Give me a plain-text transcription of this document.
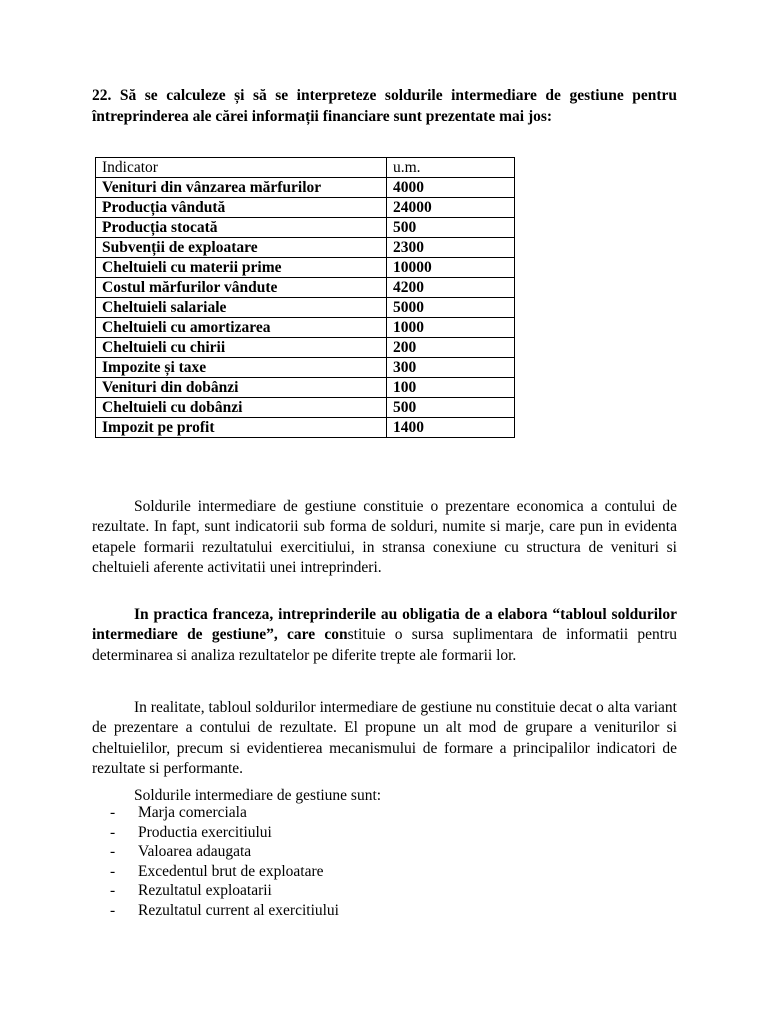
22. Să se calculeze și să se interpreteze soldurile intermediare de gestiune pentru întreprinderea ale cărei informații financiare sunt prezentate mai jos:
Indicator	u.m.
Venituri din vânzarea mărfurilor	4000
Producția vândută	24000
Producția stocată	500
Subvenții de exploatare	2300
Cheltuieli cu materii prime	10000
Costul mărfurilor vândute	4200
Cheltuieli salariale	5000
Cheltuieli cu amortizarea	1000
Cheltuieli cu chirii	200
Impozite și taxe	300
Venituri din dobânzi	100
Cheltuieli cu dobânzi	500
Impozit pe profit	1400

Soldurile intermediare de gestiune constituie o prezentare economica a contului de rezultate. In fapt, sunt indicatorii sub forma de solduri, numite si marje, care pun in evidenta etapele formarii rezultatului exercitiului, in stransa conexiune cu structura de venituri si cheltuieli aferente activitatii unei intreprinderi.

In practica franceza, intreprinderile au obligatia de a elabora “tabloul soldurilor intermediare de gestiune”, care constituie o sursa suplimentara de informatii pentru determinarea si analiza rezultatelor pe diferite trepte ale formarii lor.

In realitate, tabloul soldurilor intermediare de gestiune nu constituie decat o alta variant de prezentare a contului de rezultate. El propune un alt mod de grupare a veniturilor si cheltuielilor, precum si evidentierea mecanismului de formare a principalilor indicatori de rezultate si performante.

Soldurile intermediare de gestiune sunt:

- Marja comerciala
- Productia exercitiului
- Valoarea adaugata
- Excedentul brut de exploatare
- Rezultatul exploatarii
- Rezultatul current al exercitiului
